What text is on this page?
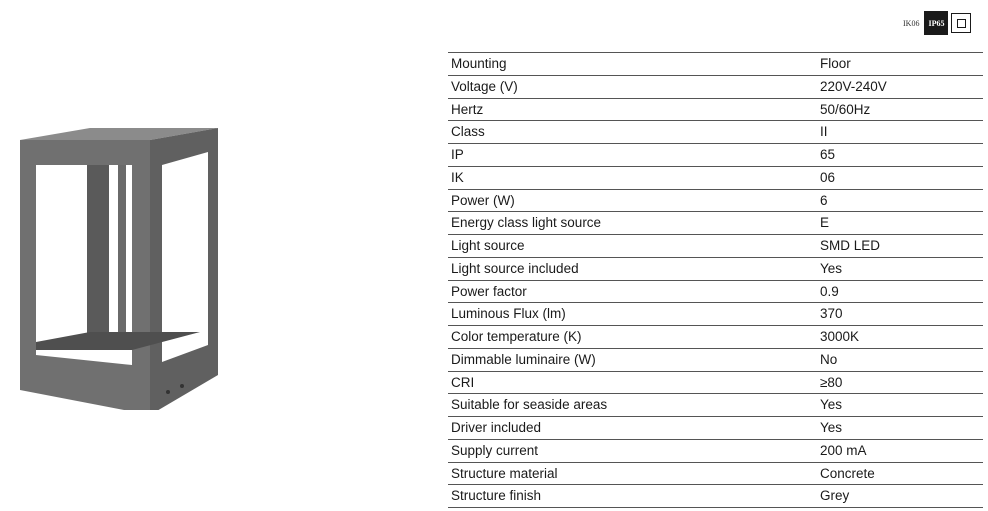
IK06	IP65
Mounting	Floor
Voltage (V)	220V-240V
Hertz	50/60Hz
Class	II
IP	65
IK	06
Power (W)	6
Energy class light source	E
Light source	SMD LED
Light source included	Yes
Power factor	0.9
Luminous Flux (lm)	370
Color temperature (K)	3000K
Dimmable luminaire (W)	No
CRI	≥80
Suitable for seaside areas	Yes
Driver included	Yes
Supply current	200 mA
Structure material	Concrete
Structure finish	Grey
